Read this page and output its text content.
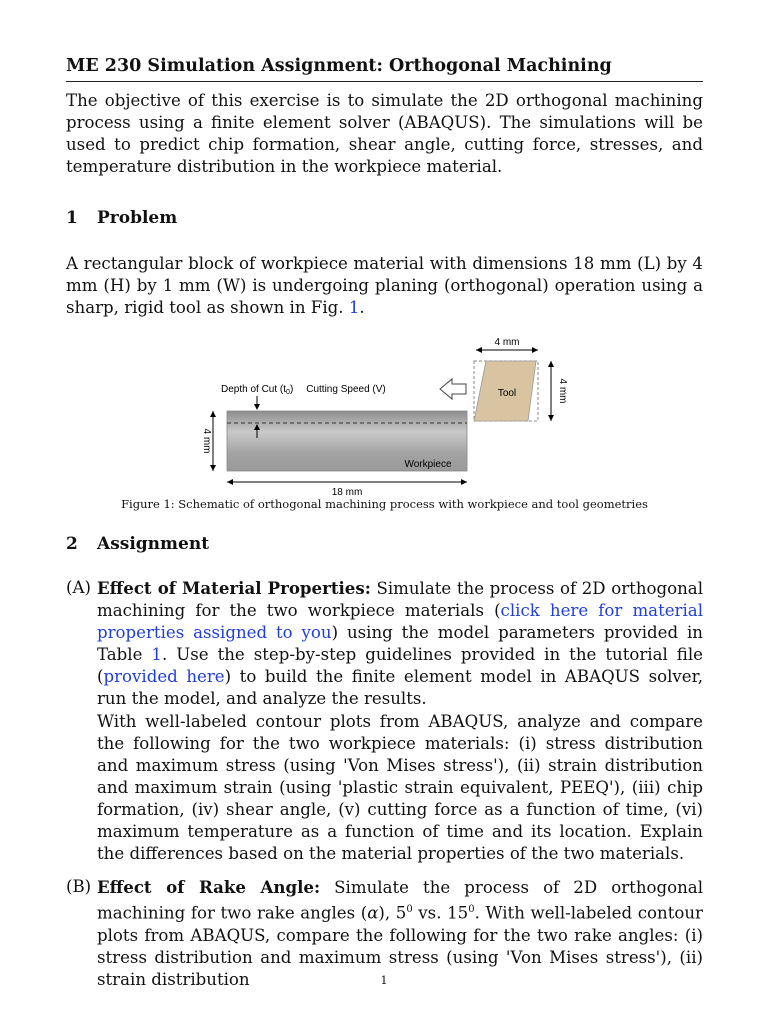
ME 230 Simulation Assignment: Orthogonal Machining
The objective of this exercise is to simulate the 2D orthogonal machining process using a finite element solver (ABAQUS). The simulations will be used to predict chip formation, shear angle, cutting force, stresses, and temperature distribution in the workpiece material.
1 Problem
A rectangular block of workpiece material with dimensions 18 mm (L) by 4 mm (H) by 1 mm (W) is undergoing planing (orthogonal) operation using a sharp, rigid tool as shown in Fig. 1.
4 mm
Tool	4 mm
Cutting Speed (V)
Depth of Cut $(t_0)$
Workpiece
4 mm
18 mm
Figure 1: Schematic of orthogonal machining process with workpiece and tool geometries
2 Assignment
(A) Effect of Material Properties: Simulate the process of 2D orthogonal machining for the two workpiece materials (click here for material properties assigned to you) using the model parameters provided in Table 1. Use the step-by-step guidelines provided in the tutorial file (provided here) to build the finite element model in ABAQUS solver, run the model, and analyze the results.
With well-labeled contour plots from ABAQUS, analyze and compare the following for the two workpiece materials: (i) stress distribution and maximum stress (using 'Von Mises stress'), (ii) strain distribution and maximum strain (using 'plastic strain equivalent, PEEQ'), (iii) chip formation, (iv) shear angle, (v) cutting force as a function of time, (vi) maximum temperature as a function of time and its location. Explain the differences based on the material properties of the two materials.
(B) Effect of Rake Angle: Simulate the process of 2D orthogonal machining for two rake angles (α), $5^0$ vs. $15^0$. With well-labeled contour plots from ABAQUS, compare the following for the two rake angles: (i) stress distribution and maximum stress (using 'Von Mises stress'), (ii) strain distribution	1
